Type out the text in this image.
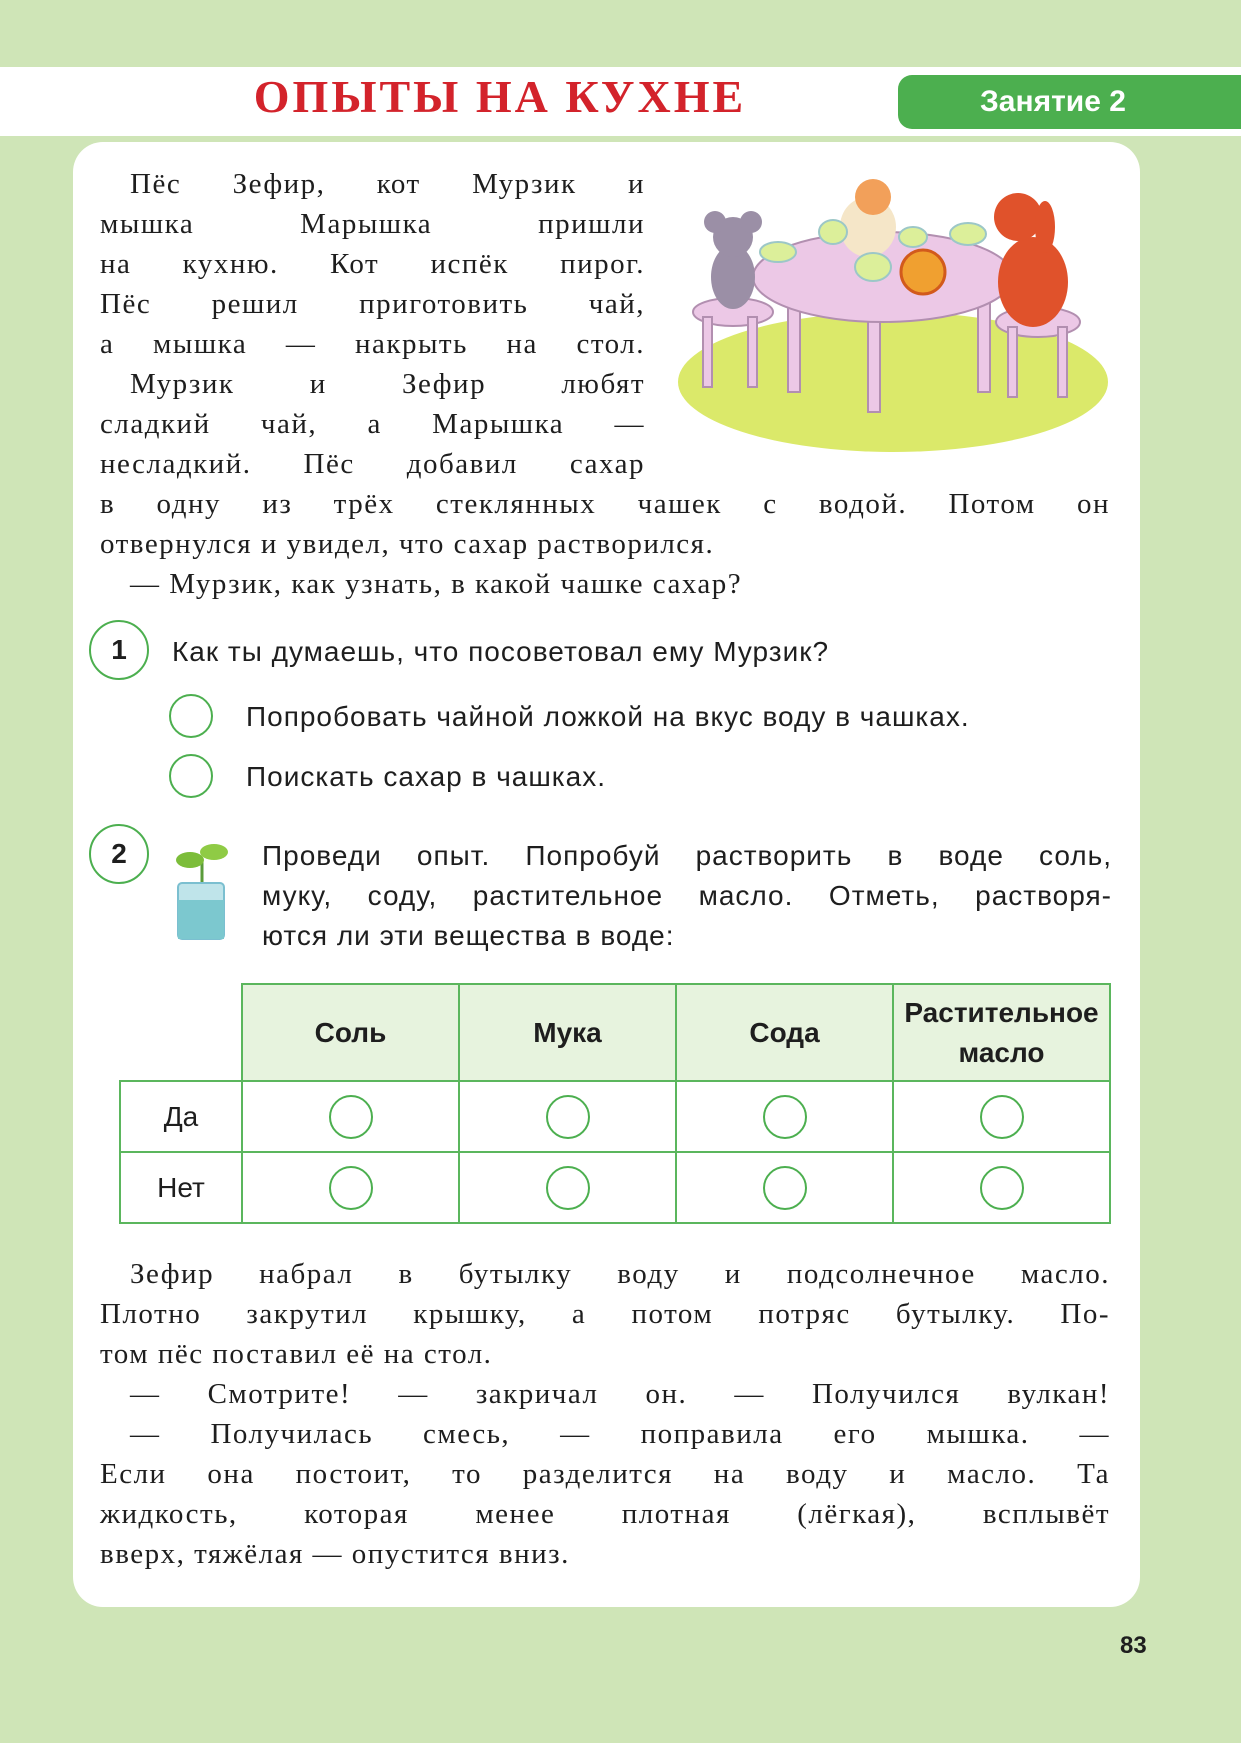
ОПЫТЫ НА КУХНЕ	Занятие 2
Пёс Зефир, кот Мурзик и
мышка Марышка пришли
на кухню. Кот испёк пирог.
Пёс решил приготовить чай,
а мышка — накрыть на стол.
Мурзик и Зефир любят
сладкий чай, а Марышка —
несладкий. Пёс добавил сахар
в одну из трёх стеклянных чашек с водой. Потом он
отвернулся и увидел, что сахар растворился.
— Мурзик, как узнать, в какой чашке сахар?
1	Как ты думаешь, что посоветовал ему Мурзик?
Попробовать чайной ложкой на вкус воду в чашках.
Поискать сахар в чашках.
2	Проведи опыт. Попробуй растворить в воде соль,
муку, соду, растительное масло. Отметь, растворя-
ются ли эти вещества в воде:
	Соль	Мука	Сода	Растительное масло
Да				
Нет				
Зефир набрал в бутылку воду и подсолнечное масло.
Плотно закрутил крышку, а потом потряс бутылку. По-
том пёс поставил её на стол.
— Смотрите! — закричал он. — Получился вулкан!
— Получилась смесь, — поправила его мышка. —
Если она постоит, то разделится на воду и масло. Та
жидкость, которая менее плотная (лёгкая), всплывёт
вверх, тяжёлая — опустится вниз.
83
